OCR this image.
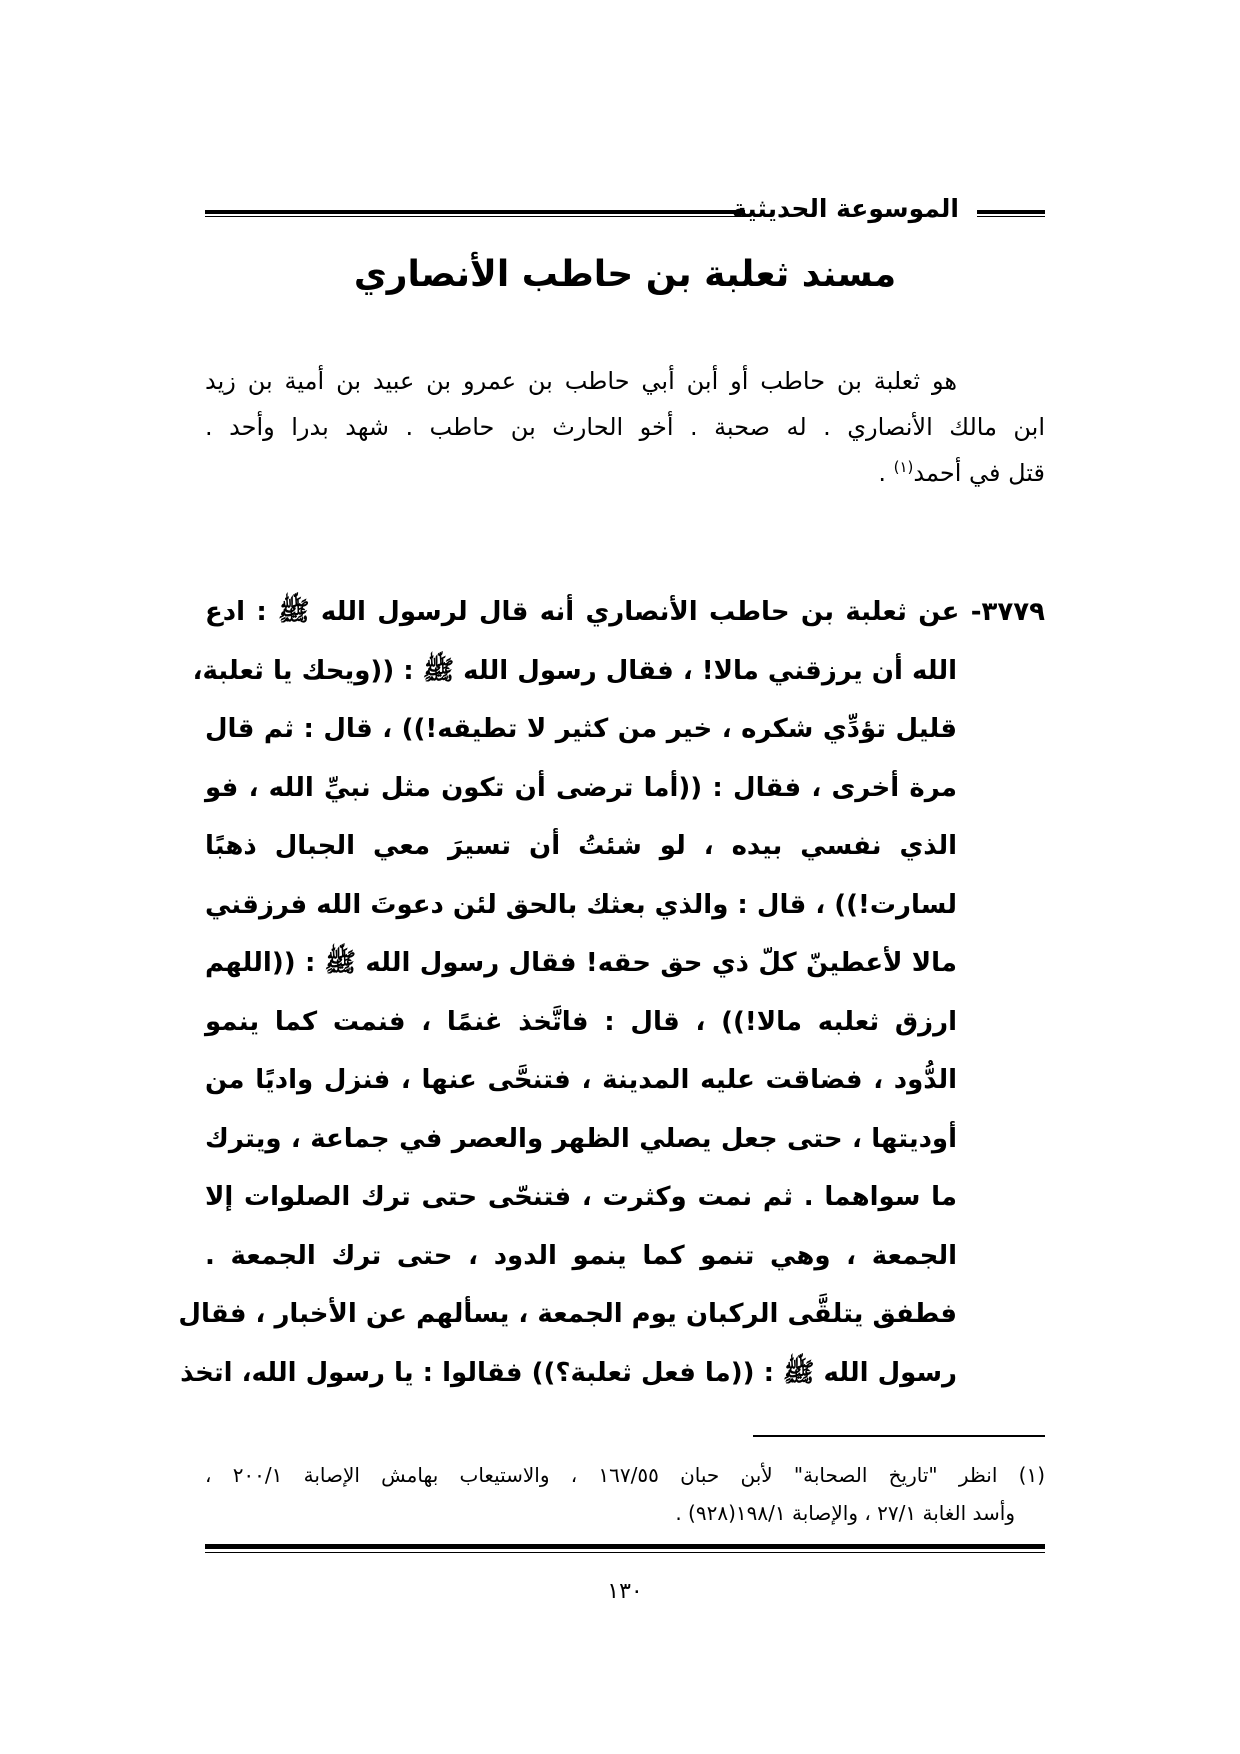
الموسوعة الحديثية
مسند ثعلبة بن حاطب الأنصاري
هو ثعلبة بن حاطب أو أبن أبي حاطب بن عمرو بن عبيد بن أمية بن زيد
ابن مالك الأنصاري . له صحبة . أخو الحارث بن حاطب . شهد بدرا وأحد .
قتل في أحمد$^{(١)}$ .
٣٧٧٩- عن ثعلبة بن حاطب الأنصاري أنه قال لرسول الله ﷺ : ادع
الله أن يرزقني مالا! ، فقال رسول الله ﷺ : ((ويحك يا ثعلبة،
قليل تؤدِّي شكره ، خير من كثير لا تطيقه!)) ، قال : ثم قال
مرة أخرى ، فقال : ((أما ترضى أن تكون مثل نبيِّ الله ، فو
الذي نفسي بيده ، لو شئتُ أن تسيرَ معي الجبال ذهبًا
لسارت!)) ، قال : والذي بعثك بالحق لئن دعوتَ الله فرزقني
مالا لأعطينّ كلّ ذي حق حقه! فقال رسول الله ﷺ : ((اللهم
ارزق ثعلبه مالا!)) ، قال : فاتَّخذ غنمًا ، فنمت كما ينمو
الدُّود ، فضاقت عليه المدينة ، فتنحَّى عنها ، فنزل واديًا من
أوديتها ، حتى جعل يصلي الظهر والعصر في جماعة ، ويترك
ما سواهما . ثم نمت وكثرت ، فتنحّى حتى ترك الصلوات إلا
الجمعة ، وهي تنمو كما ينمو الدود ، حتى ترك الجمعة .
فطفق يتلقَّى الركبان يوم الجمعة ، يسألهم عن الأخبار ، فقال
رسول الله ﷺ : ((ما فعل ثعلبة؟)) فقالوا : يا رسول الله، اتخذ
(١) انظر "تاريخ الصحابة" لأبن حبان ١٦٧/٥٥ ، والاستيعاب بهامش الإصابة ٢٠٠/١ ،
وأسد الغابة ٢٧/١ ، والإصابة ١٩٨/١(٩٢٨) .
١٣٠
